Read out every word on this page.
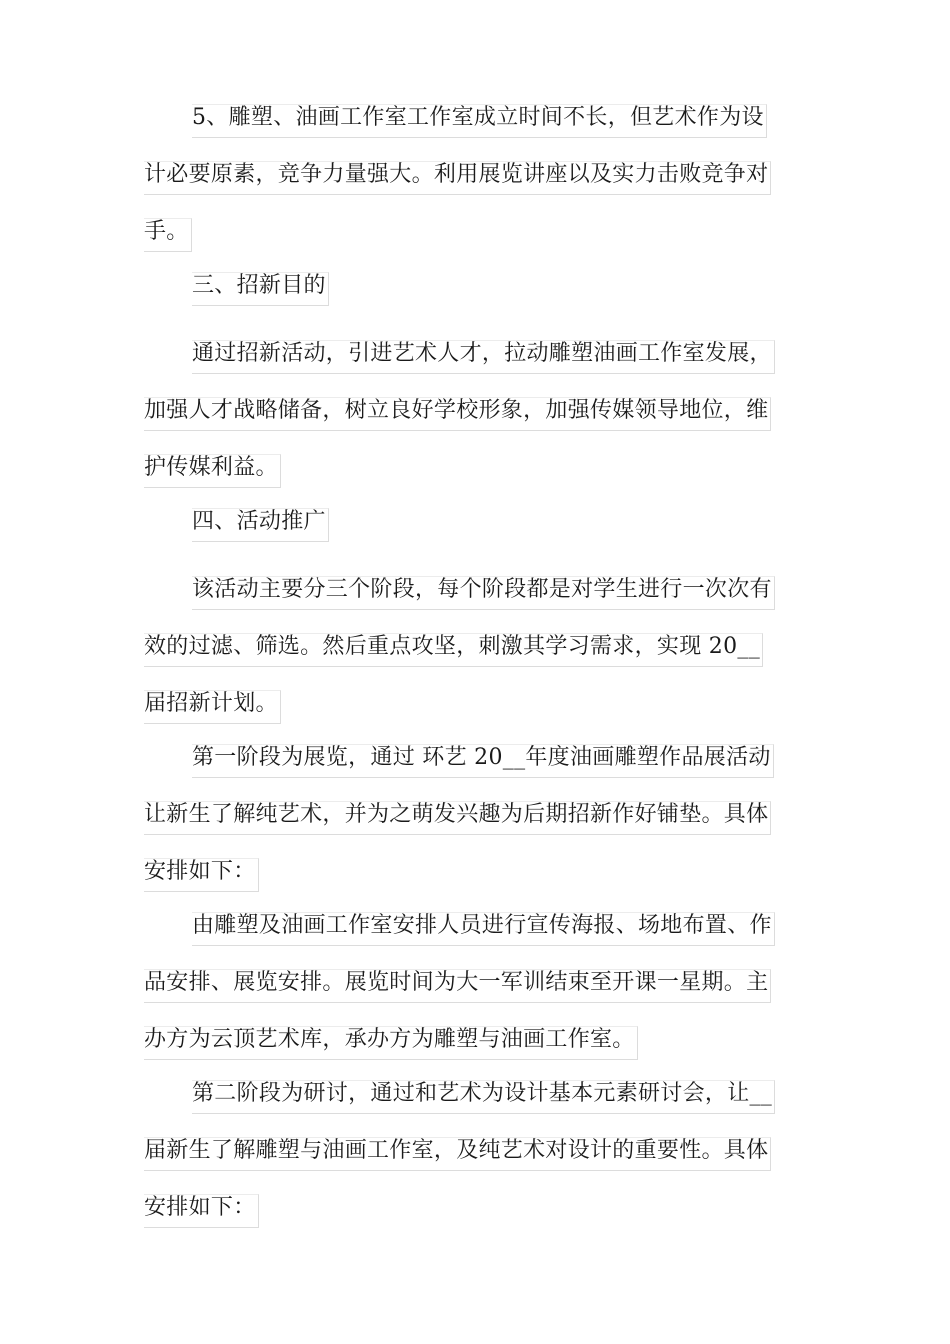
5、雕塑、油画工作室工作室成立时间不长，但艺术作为设
计必要原素，竞争力量强大。利用展览讲座以及实力击败竞争对
手。
三、招新目的
通过招新活动，引进艺术人才，拉动雕塑油画工作室发展，
加强人才战略储备，树立良好学校形象，加强传媒领导地位，维
护传媒利益。
四、活动推广
该活动主要分三个阶段，每个阶段都是对学生进行一次次有
效的过滤、筛选。然后重点攻坚，刺激其学习需求，实现 20__
届招新计划。
第一阶段为展览，通过 环艺 20__年度油画雕塑作品展活动
让新生了解纯艺术，并为之萌发兴趣为后期招新作好铺垫。具体
安排如下：
由雕塑及油画工作室安排人员进行宣传海报、场地布置、作
品安排、展览安排。展览时间为大一军训结束至开课一星期。主
办方为云顶艺术库，承办方为雕塑与油画工作室。
第二阶段为研讨，通过和艺术为设计基本元素研讨会，让__
届新生了解雕塑与油画工作室，及纯艺术对设计的重要性。具体
安排如下：
